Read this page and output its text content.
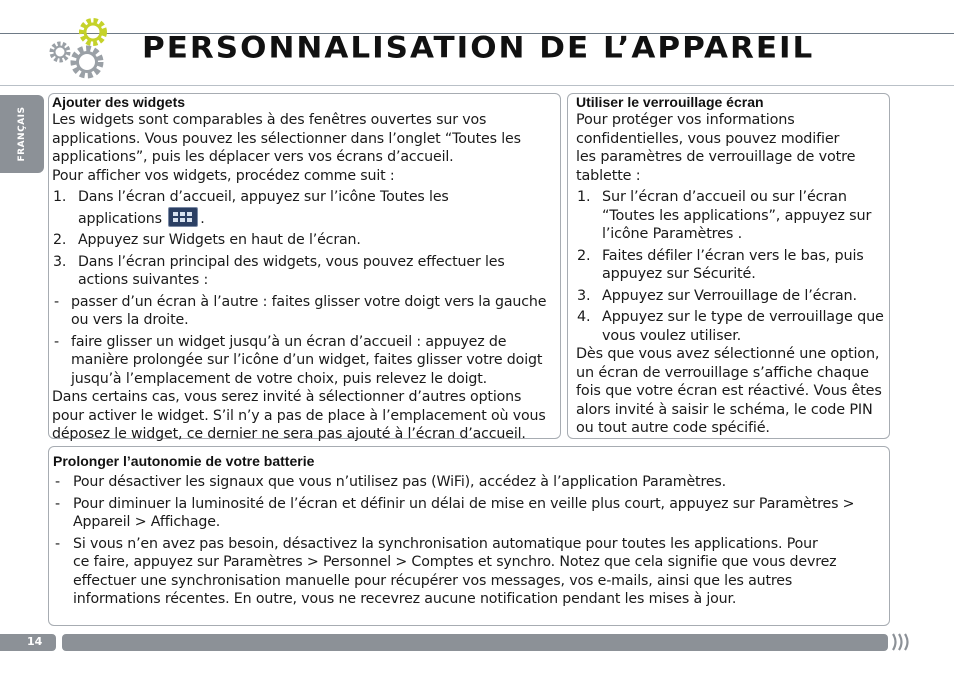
PERSONNALISATION DE L’APPAREIL
FRANÇAIS

Ajouter des widgets

Les widgets sont comparables à des fenêtres ouvertes sur vos
applications. Vous pouvez les sélectionner dans l’onglet “Toutes les
applications”, puis les déplacer vers vos écrans d’accueil.
Pour afficher vos widgets, procédez comme suit :

1. Dans l’écran d’accueil, appuyez sur l’icône Toutes les
applications	.
2. Appuyez sur Widgets en haut de l’écran.
3. Dans l’écran principal des widgets, vous pouvez effectuer les
actions suivantes :
- passer d’un écran à l’autre : faites glisser votre doigt vers la gauche
ou vers la droite.
- faire glisser un widget jusqu’à un écran d’accueil : appuyez de
manière prolongée sur l’icône d’un widget, faites glisser votre doigt
jusqu’à l’emplacement de votre choix, puis relevez le doigt.

Dans certains cas, vous serez invité à sélectionner d’autres options
pour activer le widget. S’il n’y a pas de place à l’emplacement où vous
déposez le widget, ce dernier ne sera pas ajouté à l’écran d’accueil.

Utiliser le verrouillage écran

Pour protéger vos informations
confidentielles, vous pouvez modifier
les paramètres de verrouillage de votre
tablette :

1. Sur l’écran d’accueil ou sur l’écran
“Toutes les applications”, appuyez sur
l’icône Paramètres .
2. Faites défiler l’écran vers le bas, puis
appuyez sur Sécurité.
3. Appuyez sur Verrouillage de l’écran.
4. Appuyez sur le type de verrouillage que
vous voulez utiliser.

Dès que vous avez sélectionné une option,
un écran de verrouillage s’affiche chaque
fois que votre écran est réactivé. Vous êtes
alors invité à saisir le schéma, le code PIN
ou tout autre code spécifié.

Prolonger l’autonomie de votre batterie

- Pour désactiver les signaux que vous n’utilisez pas (WiFi), accédez à l’application Paramètres.
- Pour diminuer la luminosité de l’écran et définir un délai de mise en veille plus court, appuyez sur Paramètres >
Appareil > Affichage.
- Si vous n’en avez pas besoin, désactivez la synchronisation automatique pour toutes les applications. Pour
ce faire, appuyez sur Paramètres > Personnel > Comptes et synchro. Notez que cela signifie que vous devrez
effectuer une synchronisation manuelle pour récupérer vos messages, vos e-mails, ainsi que les autres
informations récentes. En outre, vous ne recevrez aucune notification pendant les mises à jour.
14
